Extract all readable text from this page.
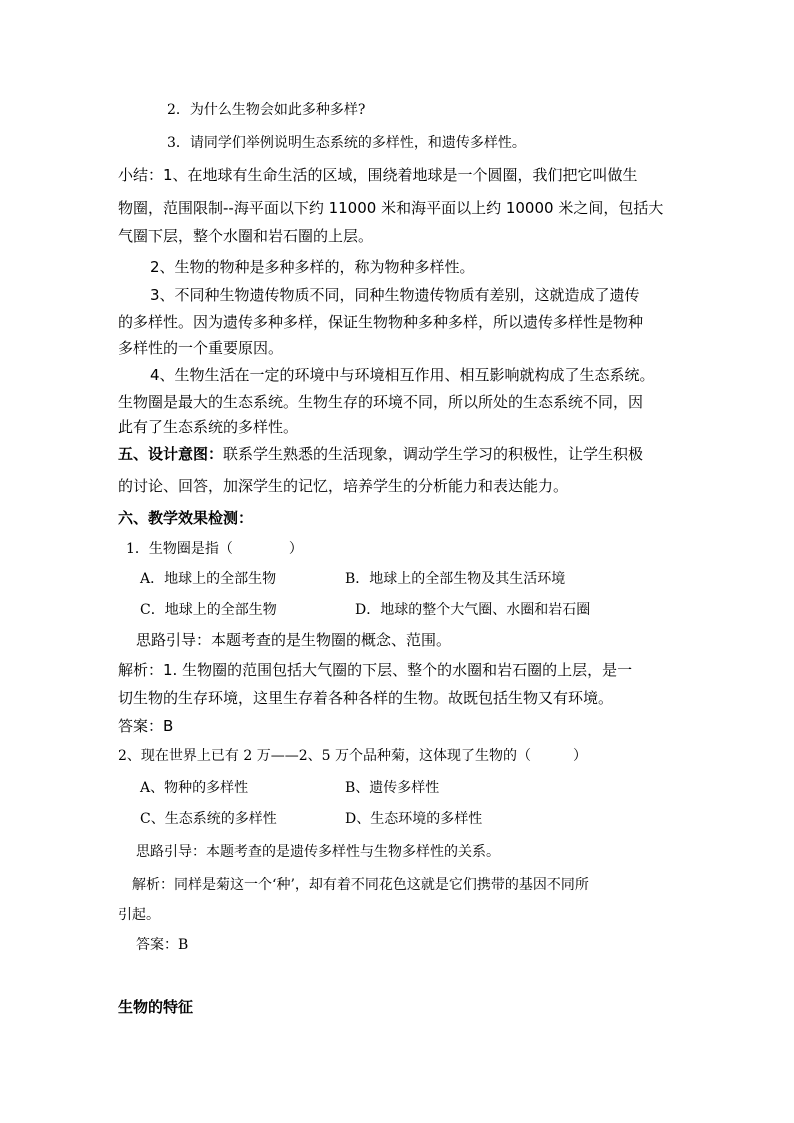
2．为什么生物会如此多种多样?
3．请同学们举例说明生态系统的多样性，和遗传多样性。
小结：1、在地球有生命生活的区域，围绕着地球是一个圆圈，我们把它叫做生
物圈，范围限制--海平面以下约 11000 米和海平面以上约 10000 米之间，包括大
气圈下层，整个水圈和岩石圈的上层。
2、生物的物种是多种多样的，称为物种多样性。
3、不同种生物遗传物质不同，同种生物遗传物质有差别，这就造成了遗传
的多样性。因为遗传多种多样，保证生物物种多种多样，所以遗传多样性是物种
多样性的一个重要原因。
4、生物生活在一定的环境中与环境相互作用、相互影响就构成了生态系统。
生物圈是最大的生态系统。生物生存的环境不同，所以所处的生态系统不同，因
此有了生态系统的多样性。
五、设计意图：联系学生熟悉的生活现象，调动学生学习的积极性，让学生积极
的讨论、回答，加深学生的记忆，培养学生的分析能力和表达能力。
六、教学效果检测：
1．生物圈是指（　　　　）
A．地球上的全部生物	B．地球上的全部生物及其生活环境
C．地球上的全部生物	D．地球的整个大气圈、水圈和岩石圈
思路引导：本题考查的是生物圈的概念、范围。
解析：1. 生物圈的范围包括大气圈的下层、整个的水圈和岩石圈的上层，是一
切生物的生存环境，这里生存着各种各样的生物。故既包括生物又有环境。
答案：B
2、现在世界上已有 2 万——2、5 万个品种菊，这体现了生物的（　　　）
A、物种的多样性	B、遗传多样性
C、生态系统的多样性	D、生态环境的多样性
思路引导：本题考查的是遗传多样性与生物多样性的关系。
解析：同样是菊这一个‘种’，却有着不同花色这就是它们携带的基因不同所
引起。
答案：B
生物的特征
